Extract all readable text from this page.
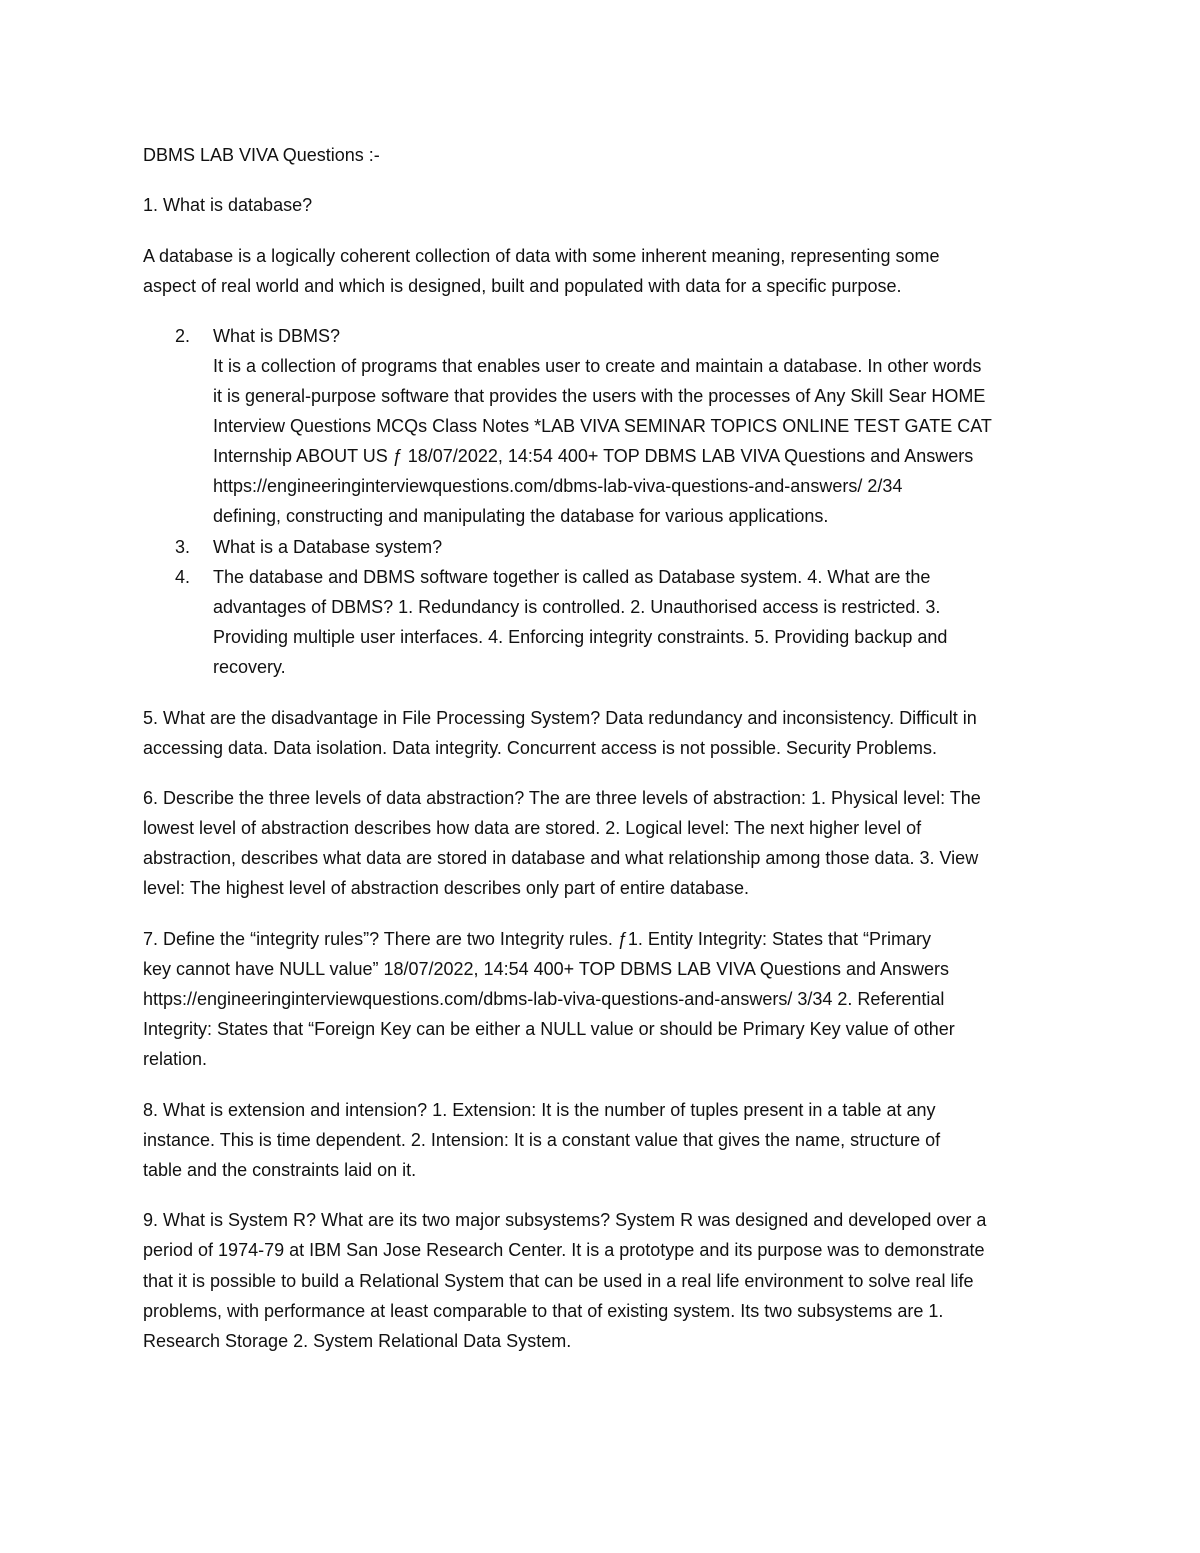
DBMS LAB VIVA Questions :-
1. What is database?
A database is a logically coherent collection of data with some inherent meaning, representing some
aspect of real world and which is designed, built and populated with data for a specific purpose.
2. What is DBMS?
It is a collection of programs that enables user to create and maintain a database. In other words
it is general-purpose software that provides the users with the processes of Any Skill Sear HOME
Interview Questions MCQs Class Notes *LAB VIVA SEMINAR TOPICS ONLINE TEST GATE CAT
Internship ABOUT US ƒ 18/07/2022, 14:54 400+ TOP DBMS LAB VIVA Questions and Answers
https://engineeringinterviewquestions.com/dbms-lab-viva-questions-and-answers/ 2/34
defining, constructing and manipulating the database for various applications.
3. What is a Database system?
4. The database and DBMS software together is called as Database system. 4. What are the
advantages of DBMS? 1. Redundancy is controlled. 2. Unauthorised access is restricted. 3.
Providing multiple user interfaces. 4. Enforcing integrity constraints. 5. Providing backup and
recovery.
5. What are the disadvantage in File Processing System? Data redundancy and inconsistency. Difficult in
accessing data. Data isolation. Data integrity. Concurrent access is not possible. Security Problems.
6. Describe the three levels of data abstraction? The are three levels of abstraction: 1. Physical level: The
lowest level of abstraction describes how data are stored. 2. Logical level: The next higher level of
abstraction, describes what data are stored in database and what relationship among those data. 3. View
level: The highest level of abstraction describes only part of entire database.
7. Define the “integrity rules”? There are two Integrity rules. ƒ1. Entity Integrity: States that “Primary
key cannot have NULL value” 18/07/2022, 14:54 400+ TOP DBMS LAB VIVA Questions and Answers
https://engineeringinterviewquestions.com/dbms-lab-viva-questions-and-answers/ 3/34 2. Referential
Integrity: States that “Foreign Key can be either a NULL value or should be Primary Key value of other
relation.
8. What is extension and intension? 1. Extension: It is the number of tuples present in a table at any
instance. This is time dependent. 2. Intension: It is a constant value that gives the name, structure of
table and the constraints laid on it.
9. What is System R? What are its two major subsystems? System R was designed and developed over a
period of 1974-79 at IBM San Jose Research Center. It is a prototype and its purpose was to demonstrate
that it is possible to build a Relational System that can be used in a real life environment to solve real life
problems, with performance at least comparable to that of existing system. Its two subsystems are 1.
Research Storage 2. System Relational Data System.
